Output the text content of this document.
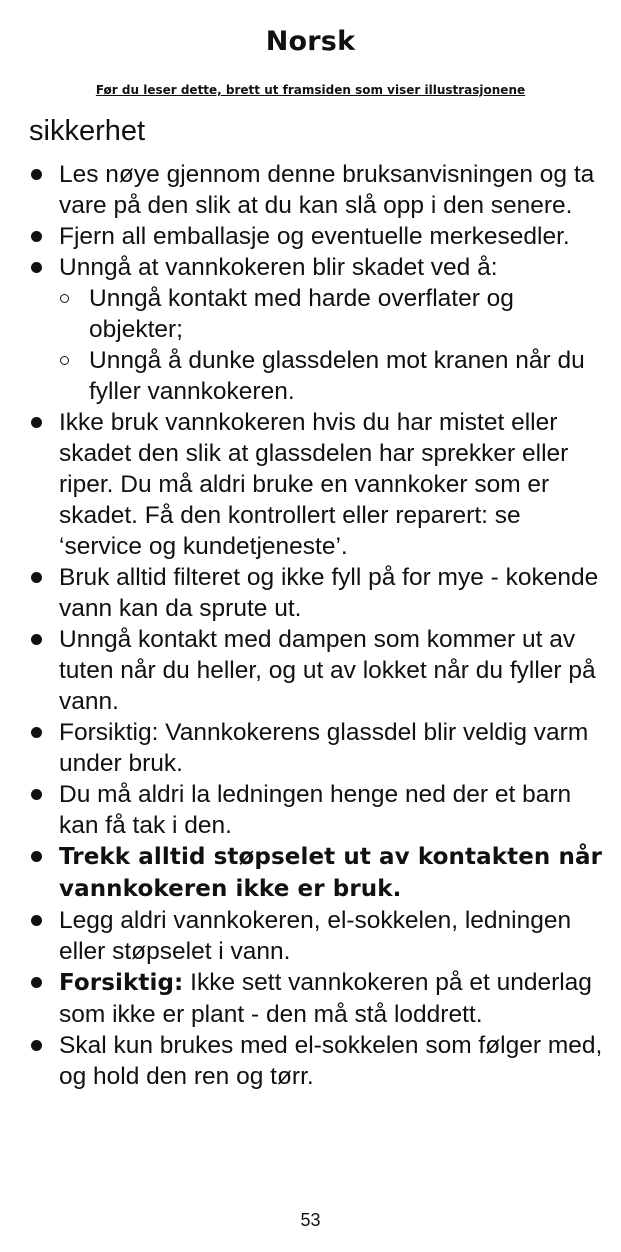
Norsk
Før du leser dette, brett ut framsiden som viser illustrasjonene
sikkerhet
Les nøye gjennom denne bruksanvisningen og ta vare på den slik at du kan slå opp i den senere.
Fjern all emballasje og eventuelle merkesedler.
Unngå at vannkokeren blir skadet ved å:
Unngå kontakt med harde overflater og objekter;
Unngå å dunke glassdelen mot kranen når du fyller vannkokeren.
Ikke bruk vannkokeren hvis du har mistet eller skadet den slik at glassdelen har sprekker eller riper. Du må aldri bruke en vannkoker som er skadet. Få den kontrollert eller reparert: se ‘service og kundetjeneste’.
Bruk alltid filteret og ikke fyll på for mye - kokende vann kan da sprute ut.
Unngå kontakt med dampen som kommer ut av tuten når du heller, og ut av lokket når du fyller på vann.
Forsiktig: Vannkokerens glassdel blir veldig varm under bruk.
Du må aldri la ledningen henge ned der et barn kan få tak i den.
Trekk alltid støpselet ut av kontakten når vannkokeren ikke er bruk.
Legg aldri vannkokeren, el-sokkelen, ledningen eller støpselet i vann.
Forsiktig: Ikke sett vannkokeren på et underlag som ikke er plant - den må stå loddrett.
Skal kun brukes med el-sokkelen som følger med, og hold den ren og tørr.
53
